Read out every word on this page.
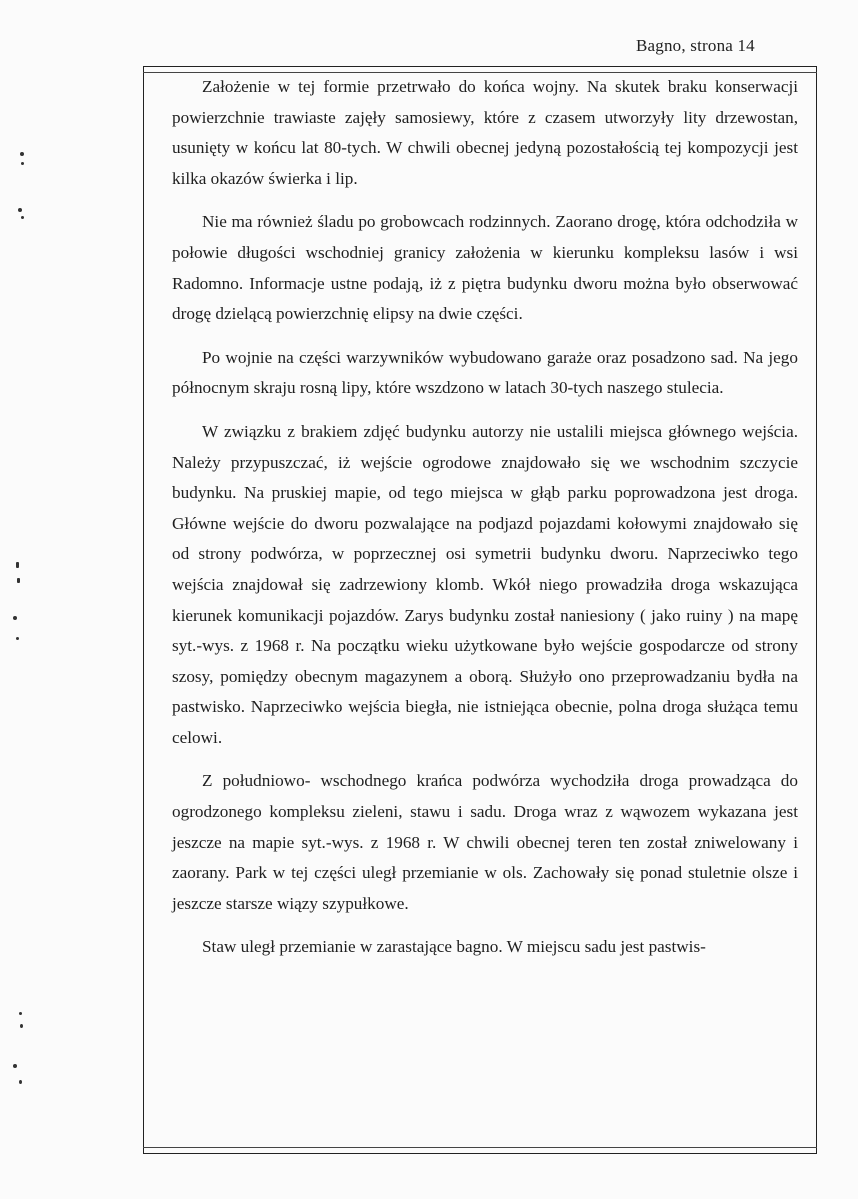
Bagno, strona 14

Założenie w tej formie przetrwało do końca wojny. Na skutek braku konserwacji powierzchnie trawiaste zajęły samosiewy, które z czasem utworzyły lity drzewostan, usunięty w końcu lat 80-tych. W chwili obecnej jedyną pozostałością tej kompozycji jest kilka okazów świerka i lip.

Nie ma również śladu po grobowcach rodzinnych. Zaorano drogę, która odchodziła w połowie długości wschodniej granicy założenia w kierunku kompleksu lasów i wsi Radomno. Informacje ustne podają, iż z piętra budynku dworu można było obserwować drogę dzielącą powierzchnię elipsy na dwie części.

Po wojnie na części warzywników wybudowano garaże oraz posadzono sad. Na jego północnym skraju rosną lipy, które wszdzono w latach 30-tych naszego stulecia.

W związku z brakiem zdjęć budynku autorzy nie ustalili miejsca głównego wejścia. Należy przypuszczać, iż wejście ogrodowe znajdowało się we wschodnim szczycie budynku. Na pruskiej mapie, od tego miejsca w głąb parku poprowadzona jest droga. Główne wejście do dworu pozwalające na podjazd pojazdami kołowymi znajdowało się od strony podwórza, w poprzecznej osi symetrii budynku dworu. Naprzeciwko tego wejścia znajdował się zadrzewiony klomb. Wkół niego prowadziła droga wskazująca kierunek komunikacji pojazdów. Zarys budynku został naniesiony ( jako ruiny ) na mapę syt.-wys. z 1968 r. Na początku wieku użytkowane było wejście gospodarcze od strony szosy, pomiędzy obecnym magazynem a oborą. Służyło ono przeprowadzaniu bydła na pastwisko. Naprzeciwko wejścia biegła, nie istniejąca obecnie, polna droga służąca temu celowi.

Z południowo- wschodnego krańca podwórza wychodziła droga prowadząca do ogrodzonego kompleksu zieleni, stawu i sadu. Droga wraz z wąwozem wykazana jest jeszcze na mapie syt.-wys. z 1968 r. W chwili obecnej teren ten został zniwelowany i zaorany. Park w tej części uległ przemianie w ols. Zachowały się ponad stuletnie olsze i jeszcze starsze wiązy szypułkowe.

Staw uległ przemianie w zarastające bagno. W miejscu sadu jest pastwis-
